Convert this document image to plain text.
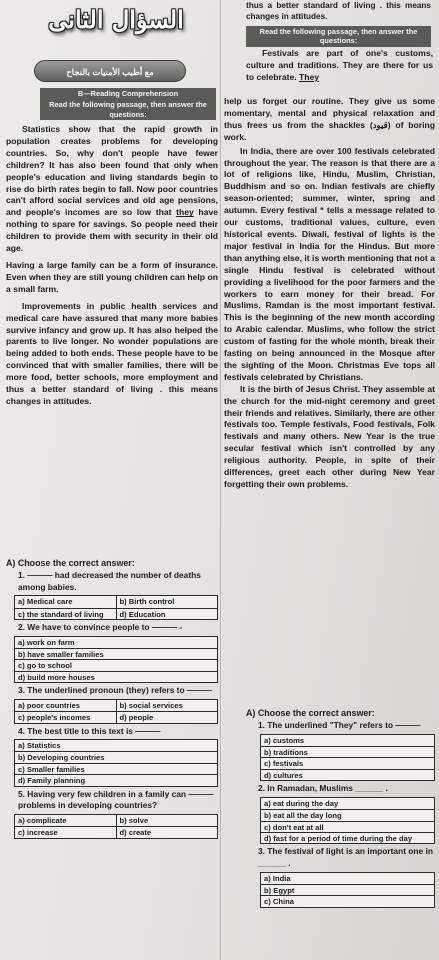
السؤال الثانى
مع أطيب الأمنيات بالنجاح
B—Reading Comprehension
Read the following passage, then answer the questions:

Statistics show that the rapid growth in population creates problems for developing countries. So, why don't people have fewer children? It has also been found that only when people's education and living standards begin to rise do birth rates begin to fall. Now poor countries can't afford social services and old age pensions, and people's incomes are so low that they have nothing to spare for savings. So people need their children to provide them with security in their old age.

Having a large family can be a form of insurance. Even when they are still young children can help on a small farm.

Improvements in public health services and medical care have assured that many more babies survive infancy and grow up. It has also helped the parents to live longer. No wonder populations are being added to both ends. These people have to be convinced that with smaller families, there will be more food, better schools, more employment and thus a better standard of living . this means changes in attitudes.

A) Choose the correct answer:

1. ——— had decreased the number of deaths among babies.

a) Medical care	b) Birth control
c) the standard of living	d) Education

2. We have to convince people to ——— -

a) work on farm
b) have smaller families
c) go to school
d) build more houses

3. The underlined pronoun (they) refers to ———

a) poor countries	b) social services
c) people's incomes	d) people

4. The best title to this text is ———

a) Statistics
b) Developing countries
c) Smaller families
d) Family planning

5. Having very few children in a family can ——— problems in developing countries?

a) complicate	b) solve
c) increase	d) create

thus a better standard of living . this means changes in attitudes.

Read the following passage, then answer the questions:

Festivals are part of one's customs, culture and traditions. They are there for us to celebrate. They

help us forget our routine. They give us some momentary, mental and physical relaxation and thus frees us from the shackles (قيود) of boring work.

In India, there are over 100 festivals celebrated throughout the year. The reason is that there are a lot of religions like, Hindu, Muslim, Christian, Buddhism and so on. Indian festivals are chiefly season-oriented; summer, winter, spring and autumn. Every festival * tells a message related to our customs, traditional values, culture, even historical events. Diwali, festival of lights is the major festival in India for the Hindus. But more than anything else, it is worth mentioning that not a single Hindu festival is celebrated without providing a livelihood for the poor farmers and the workers to earn money for their bread. For Muslims, Ramdan is the most important festival. This is the beginning of the new month according to Arabic calendar. Muslims, who follow the strict custom of fasting for the whole month, break their fasting on being announced in the Mosque after the sighting of the Moon. Christmas Eve tops all festivals celebrated by Christians.

It is the birth of Jesus Christ. They assemble at the church for the mid-night ceremony and greet their friends and relatives. Similarly, there are other festivals too. Temple festivals, Food festivals, Folk festivals and many others. New Year is the true secular festival which isn't controlled by any religious authority. People, in spite of their differences, greet each other during New Year forgetting their own problems.

A) Choose the correct answer:

1. The underlined "They" refers to ———

a) customs
b) traditions
c) festivals
d) cultures

2. In Ramadan, Muslims ______ .

a) eat during the day
b) eat all the day long
c) don't eat at all
d) fast for a period of time during the day

3. The festival of light is an important one in ______ .

a) India
b) Egypt
c) China
